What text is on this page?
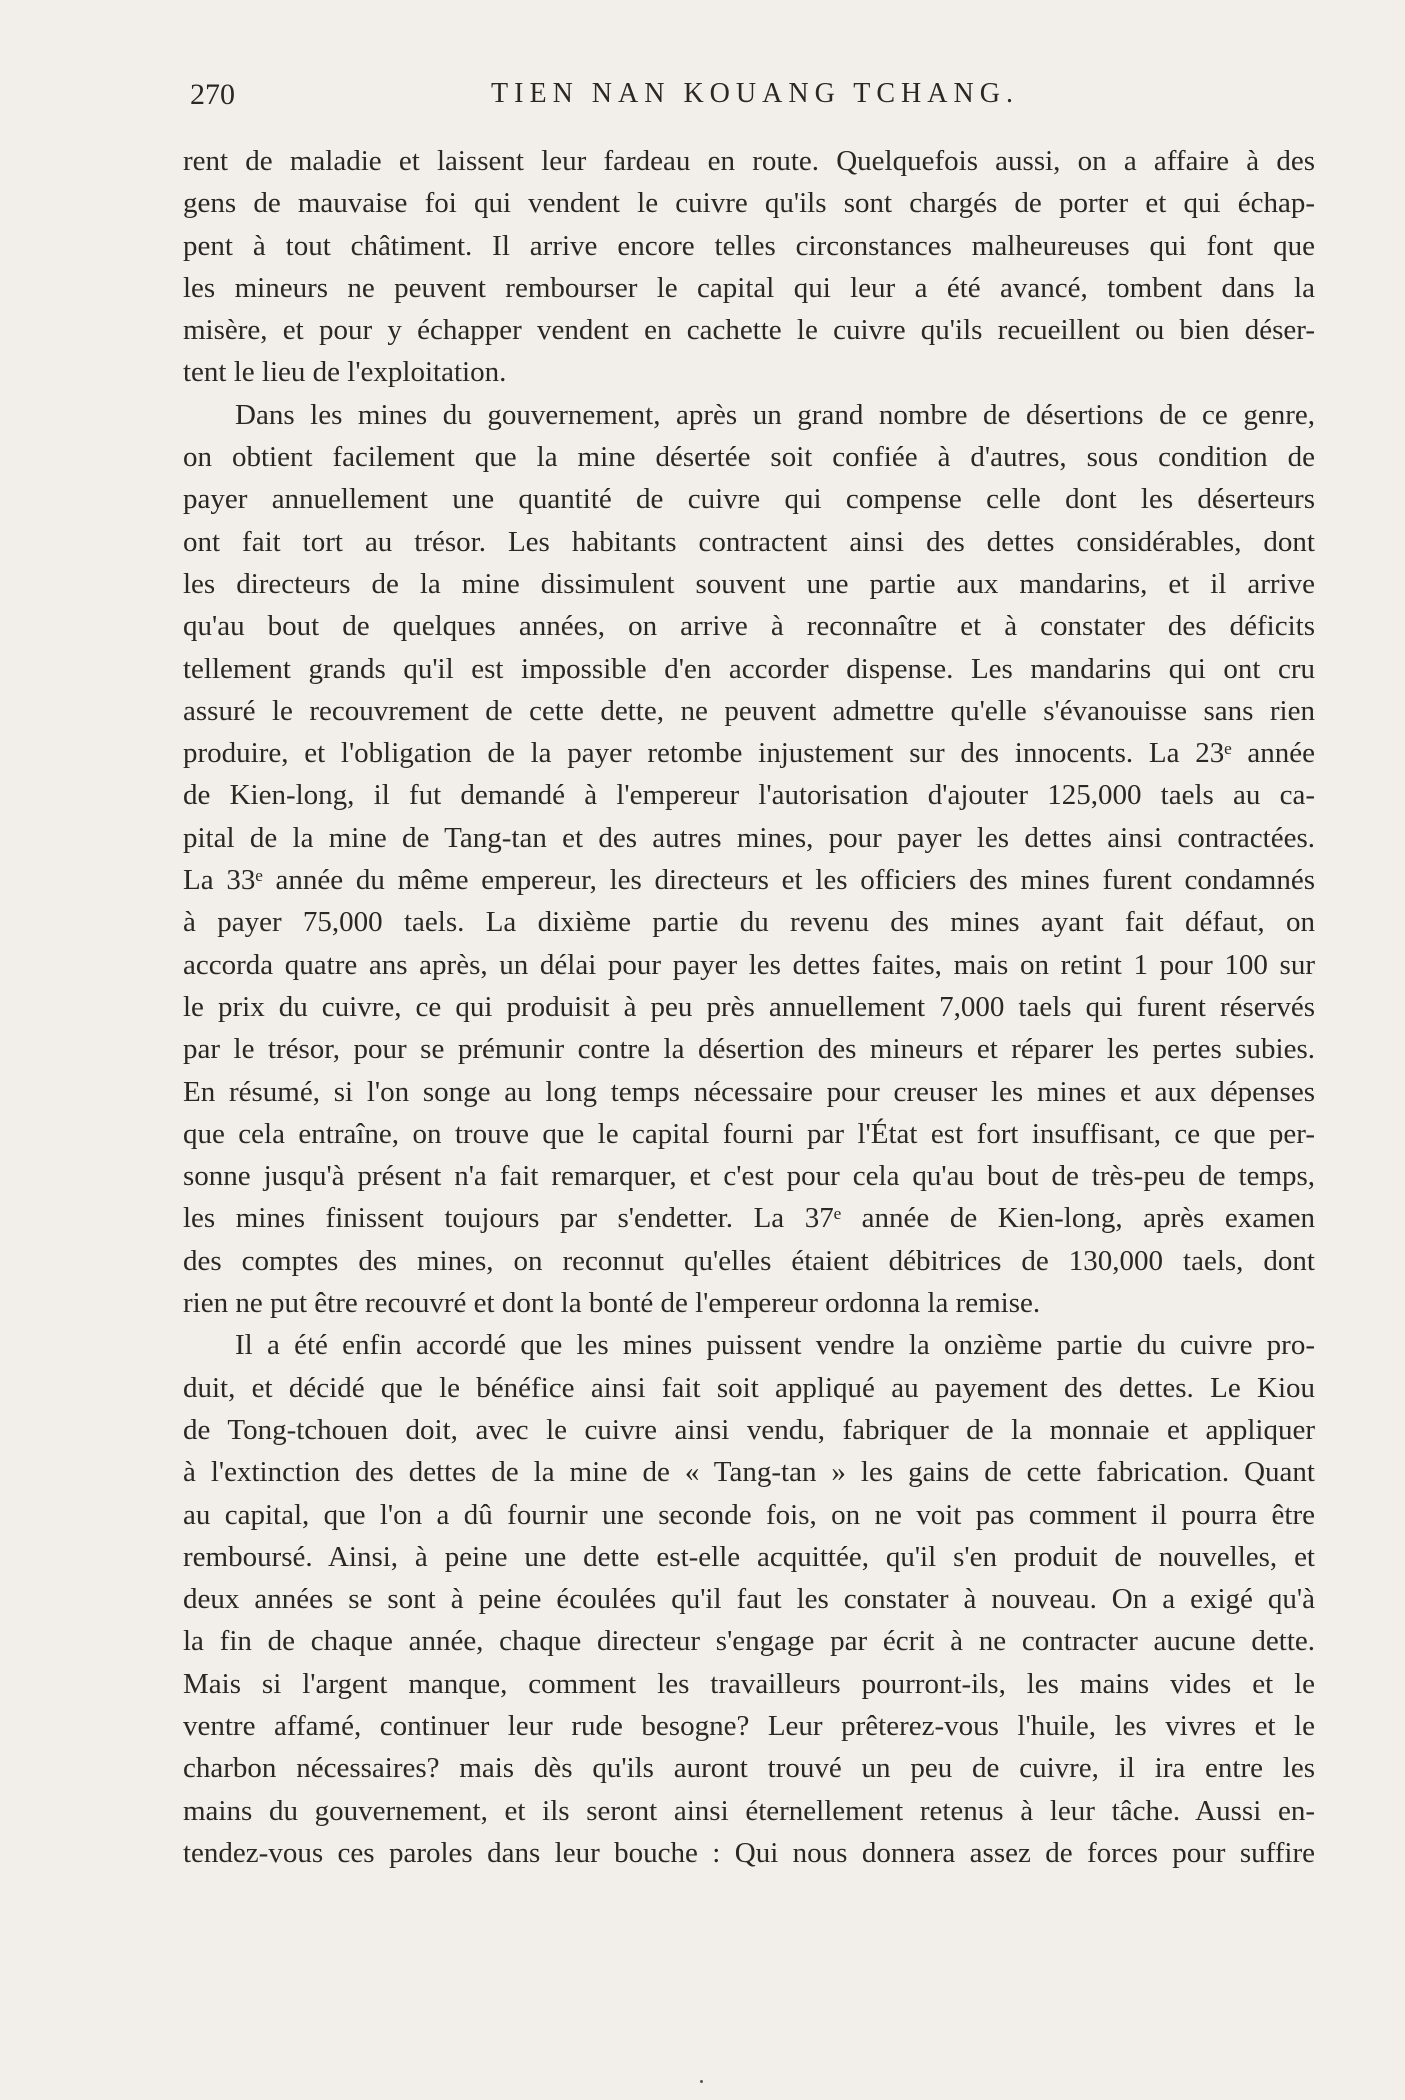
270	TIEN NAN KOUANG TCHANG.
rent de maladie et laissent leur fardeau en route. Quelquefois aussi, on a affaire à des
gens de mauvaise foi qui vendent le cuivre qu'ils sont chargés de porter et qui échap-
pent à tout châtiment. Il arrive encore telles circonstances malheureuses qui font que
les mineurs ne peuvent rembourser le capital qui leur a été avancé, tombent dans la
misère, et pour y échapper vendent en cachette le cuivre qu'ils recueillent ou bien déser-
tent le lieu de l'exploitation.
Dans les mines du gouvernement, après un grand nombre de désertions de ce genre,
on obtient facilement que la mine désertée soit confiée à d'autres, sous condition de
payer annuellement une quantité de cuivre qui compense celle dont les déserteurs
ont fait tort au trésor. Les habitants contractent ainsi des dettes considérables, dont
les directeurs de la mine dissimulent souvent une partie aux mandarins, et il arrive
qu'au bout de quelques années, on arrive à reconnaître et à constater des déficits
tellement grands qu'il est impossible d'en accorder dispense. Les mandarins qui ont cru
assuré le recouvrement de cette dette, ne peuvent admettre qu'elle s'évanouisse sans rien
produire, et l'obligation de la payer retombe injustement sur des innocents. La 23ᵉ année
de Kien-long, il fut demandé à l'empereur l'autorisation d'ajouter 125,000 taels au ca-
pital de la mine de Tang-tan et des autres mines, pour payer les dettes ainsi contractées.
La 33ᵉ année du même empereur, les directeurs et les officiers des mines furent condamnés
à payer 75,000 taels. La dixième partie du revenu des mines ayant fait défaut, on
accorda quatre ans après, un délai pour payer les dettes faites, mais on retint 1 pour 100 sur
le prix du cuivre, ce qui produisit à peu près annuellement 7,000 taels qui furent réservés
par le trésor, pour se prémunir contre la désertion des mineurs et réparer les pertes subies.
En résumé, si l'on songe au long temps nécessaire pour creuser les mines et aux dépenses
que cela entraîne, on trouve que le capital fourni par l'État est fort insuffisant, ce que per-
sonne jusqu'à présent n'a fait remarquer, et c'est pour cela qu'au bout de très-peu de temps,
les mines finissent toujours par s'endetter. La 37ᵉ année de Kien-long, après examen
des comptes des mines, on reconnut qu'elles étaient débitrices de 130,000 taels, dont
rien ne put être recouvré et dont la bonté de l'empereur ordonna la remise.
Il a été enfin accordé que les mines puissent vendre la onzième partie du cuivre pro-
duit, et décidé que le bénéfice ainsi fait soit appliqué au payement des dettes. Le Kiou
de Tong-tchouen doit, avec le cuivre ainsi vendu, fabriquer de la monnaie et appliquer
à l'extinction des dettes de la mine de « Tang-tan » les gains de cette fabrication. Quant
au capital, que l'on a dû fournir une seconde fois, on ne voit pas comment il pourra être
remboursé. Ainsi, à peine une dette est-elle acquittée, qu'il s'en produit de nouvelles, et
deux années se sont à peine écoulées qu'il faut les constater à nouveau. On a exigé qu'à
la fin de chaque année, chaque directeur s'engage par écrit à ne contracter aucune dette.
Mais si l'argent manque, comment les travailleurs pourront-ils, les mains vides et le
ventre affamé, continuer leur rude besogne? Leur prêterez-vous l'huile, les vivres et le
charbon nécessaires? mais dès qu'ils auront trouvé un peu de cuivre, il ira entre les
mains du gouvernement, et ils seront ainsi éternellement retenus à leur tâche. Aussi en-
tendez-vous ces paroles dans leur bouche : Qui nous donnera assez de forces pour suffire
